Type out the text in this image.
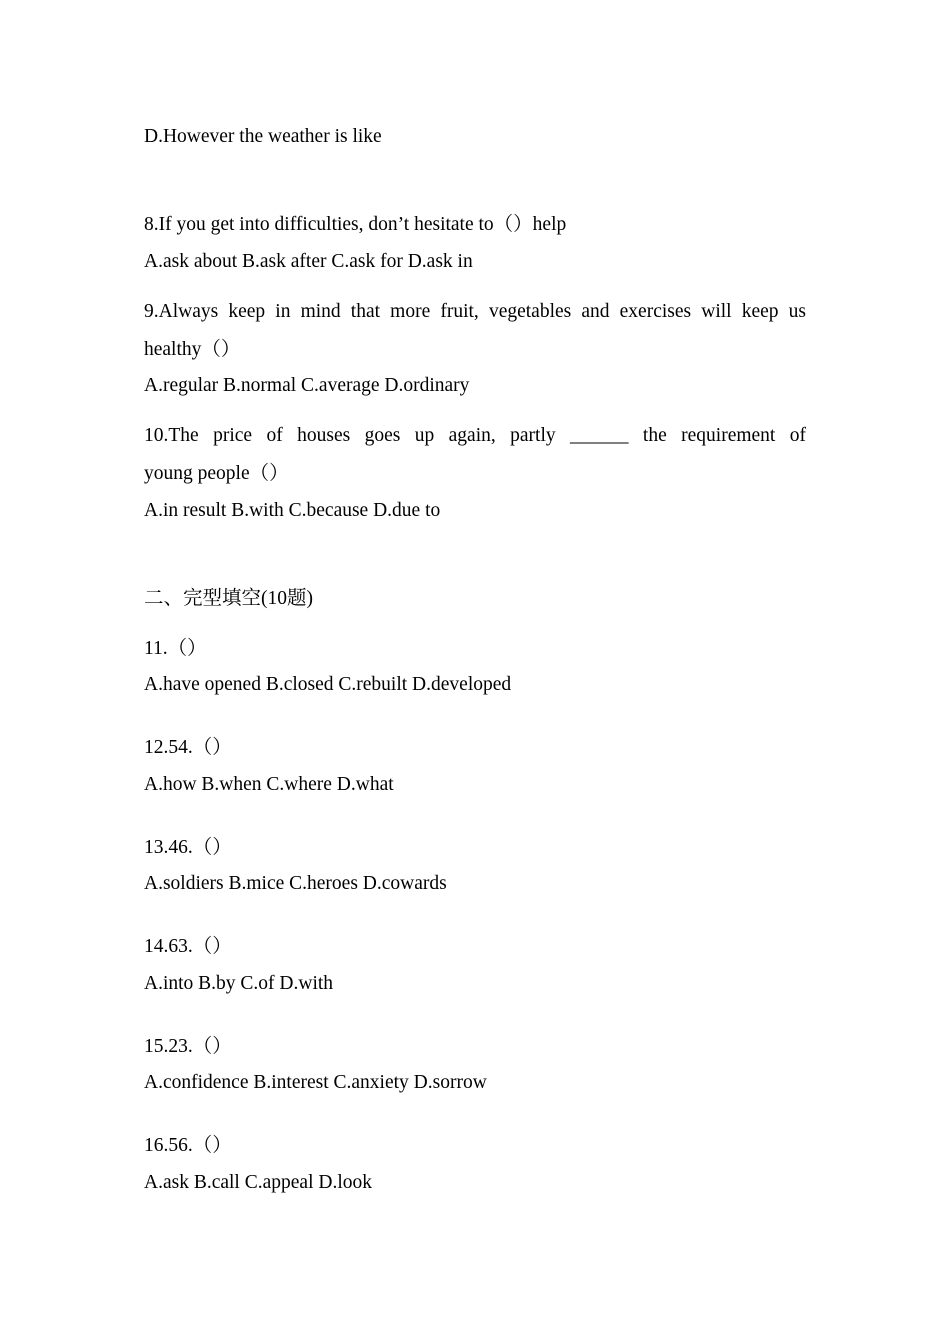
D.However the weather is like
8.If you get into difficulties, don’t hesitate to（）help
A.ask about B.ask after C.ask for D.ask in
9.Always keep in mind that more fruit, vegetables and exercises will keep us
healthy（）
A.regular B.normal C.average D.ordinary
10.The price of houses goes up again, partly ______ the requirement of
young people（）
A.in result B.with C.because D.due to
二、完型填空(10题)
11.（）
A.have opened B.closed C.rebuilt D.developed
12.54.（）
A.how B.when C.where D.what
13.46.（）
A.soldiers B.mice C.heroes D.cowards
14.63.（）
A.into B.by C.of D.with
15.23.（）
A.confidence B.interest C.anxiety D.sorrow
16.56.（）
A.ask B.call C.appeal D.look
